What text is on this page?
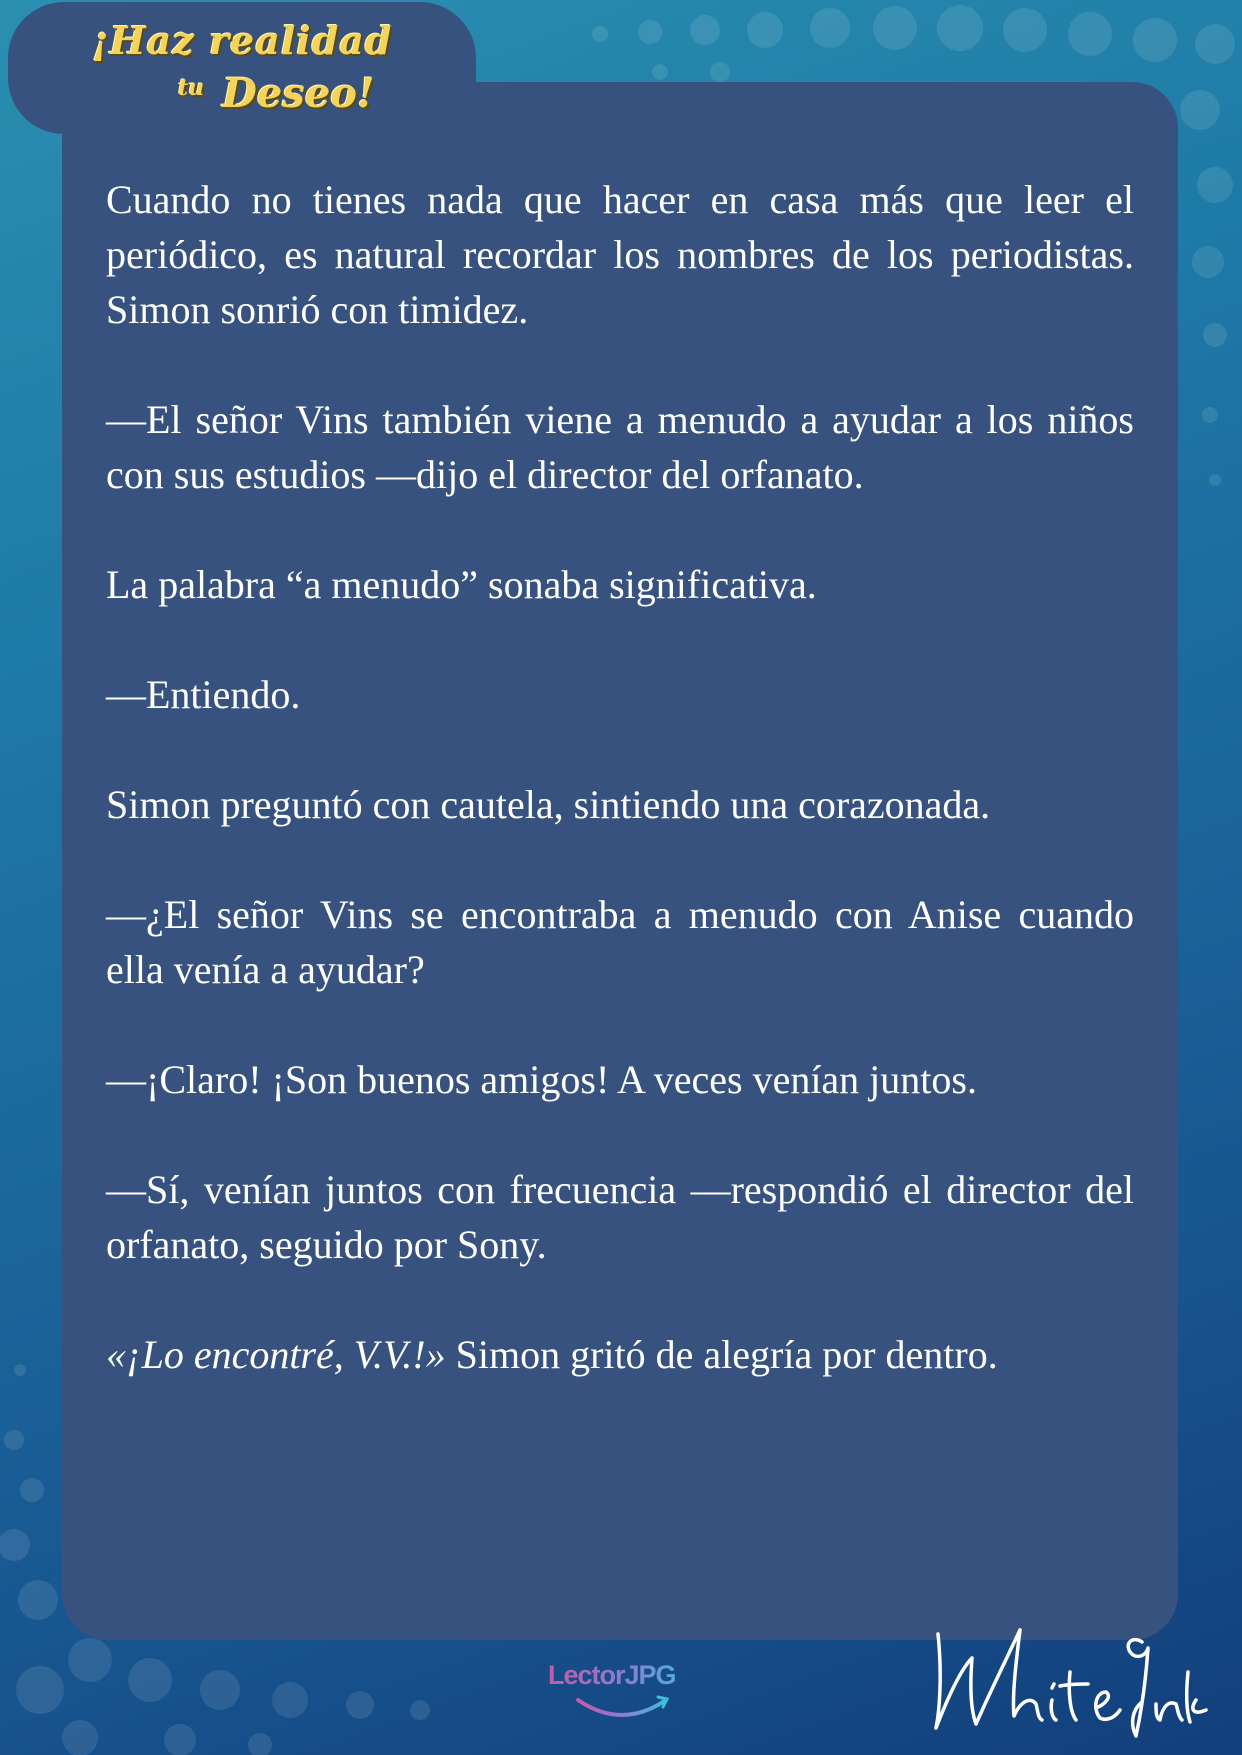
¡Haz realidad
$^{tu}$ Deseo!

Cuando no tienes nada que hacer en casa más que leer el periódico, es natural recordar los nombres de los periodistas. Simon sonrió con timidez.

—El señor Vins también viene a menudo a ayudar a los niños con sus estudios —dijo el director del orfanato.

La palabra “a menudo” sonaba significativa.

—Entiendo.

Simon preguntó con cautela, sintiendo una corazonada.

—¿El señor Vins se encontraba a menudo con Anise cuando ella venía a ayudar?

—¡Claro! ¡Son buenos amigos! A veces venían juntos.

—Sí, venían juntos con frecuencia —respondió el director del orfanato, seguido por Sony.

«¡Lo encontré, V.V.!» Simon gritó de alegría por dentro.

LectorJPG
